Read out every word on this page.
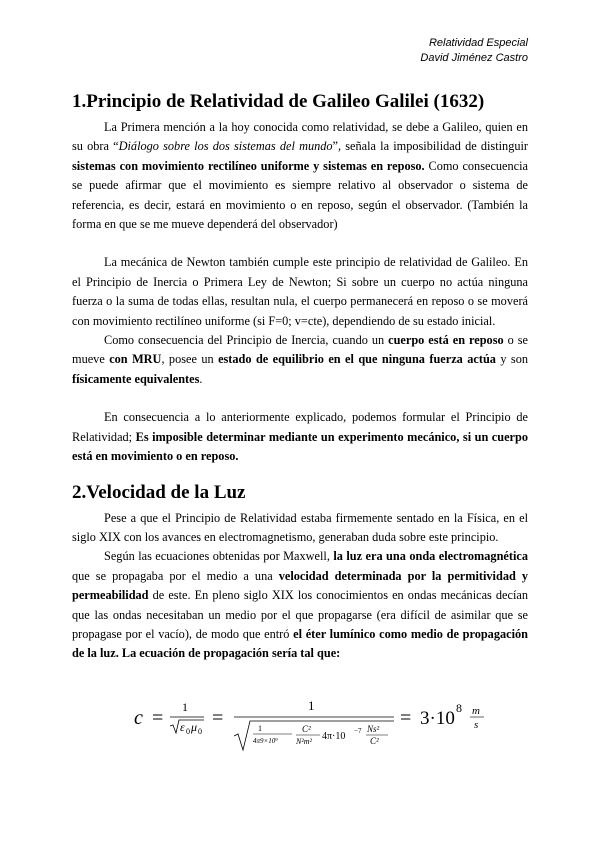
Relatividad Especial
David Jiménez Castro
1.Principio de Relatividad de Galileo Galilei (1632)

La Primera mención a la hoy conocida como relatividad, se debe a Galileo, quien en su obra “Diálogo sobre los dos sistemas del mundo”, señala la imposibilidad de distinguir sistemas con movimiento rectilíneo uniforme y sistemas en reposo. Como consecuencia se puede afirmar que el movimiento es siempre relativo al observador o sistema de referencia, es decir, estará en movimiento o en reposo, según el observador. (También la forma en que se me mueve dependerá del observador)

La mecánica de Newton también cumple este principio de relatividad de Galileo. En el Principio de Inercia o Primera Ley de Newton; Si sobre un cuerpo no actúa ninguna fuerza o la suma de todas ellas, resultan nula, el cuerpo permanecerá en reposo o se moverá con movimiento rectilíneo uniforme (si F=0; v=cte), dependiendo de su estado inicial.

Como consecuencia del Principio de Inercia, cuando un cuerpo está en reposo o se mueve con MRU, posee un estado de equilibrio en el que ninguna fuerza actúa y son físicamente equivalentes.

En consecuencia a lo anteriormente explicado, podemos formular el Principio de Relatividad; Es imposible determinar mediante un experimento mecánico, si un cuerpo está en movimiento o en reposo.

2.Velocidad de la Luz

Pese a que el Principio de Relatividad estaba firmemente sentado en la Física, en el siglo XIX con los avances en electromagnetismo, generaban duda sobre este principio.

Según las ecuaciones obtenidas por Maxwell, la luz era una onda electromagnética que se propagaba por el medio a una velocidad determinada por la permitividad y permeabilidad de este. En pleno siglo XIX los conocimientos en ondas mecánicas decían que las ondas necesitaban un medio por el que propagarse (era difícil de asimilar que se propagase por el vacío), de modo que entró el éter lumínico como medio de propagación de la luz. La ecuación de propagación sería tal que:

c = 1
ε 0 μ 0
=
1
1
4π9×10⁹
C²
N²m² 4π·10 −7 Ns²
C²
= 3·10 8 m
s
